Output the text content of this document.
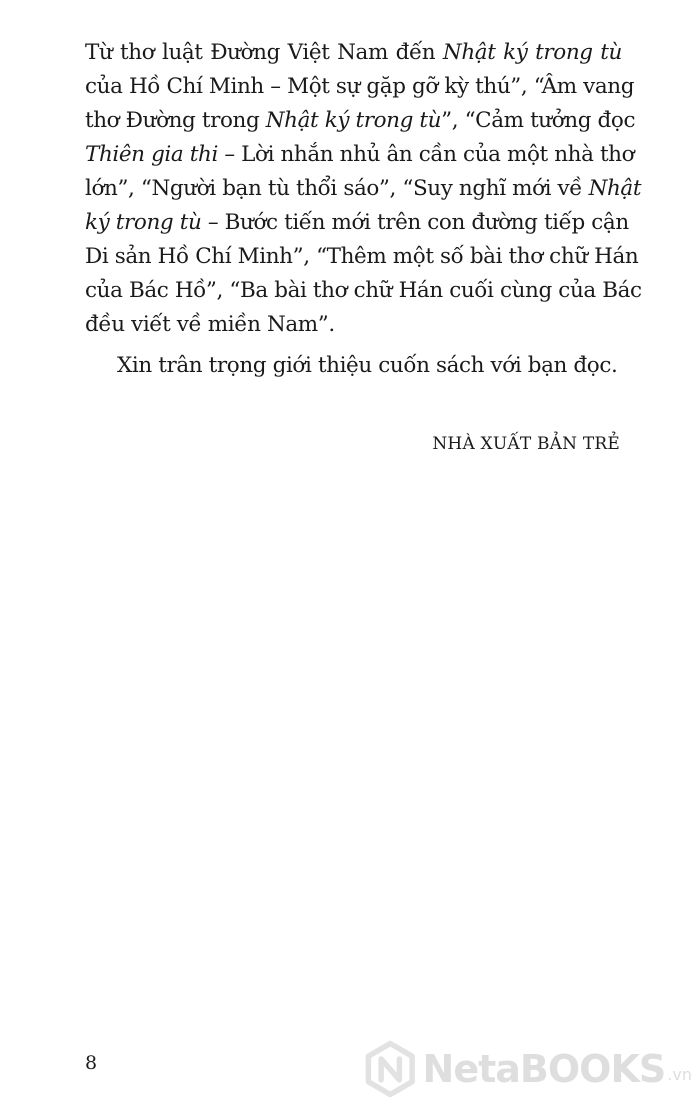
Từ thơ luật Đường Việt Nam đến Nhật ký trong tù
của Hồ Chí Minh – Một sự gặp gỡ kỳ thú”, “Âm vang
thơ Đường trong Nhật ký trong tù”, “Cảm tưởng đọc
Thiên gia thi – Lời nhắn nhủ ân cần của một nhà thơ
lớn”, “Người bạn tù thổi sáo”, “Suy nghĩ mới về Nhật
ký trong tù – Bước tiến mới trên con đường tiếp cận
Di sản Hồ Chí Minh”, “Thêm một số bài thơ chữ Hán
của Bác Hồ”, “Ba bài thơ chữ Hán cuối cùng của Bác
đều viết về miền Nam”.
Xin trân trọng giới thiệu cuốn sách với bạn đọc.
NHÀ XUẤT BẢN TRẺ
8	NetaBOOKS .vn
